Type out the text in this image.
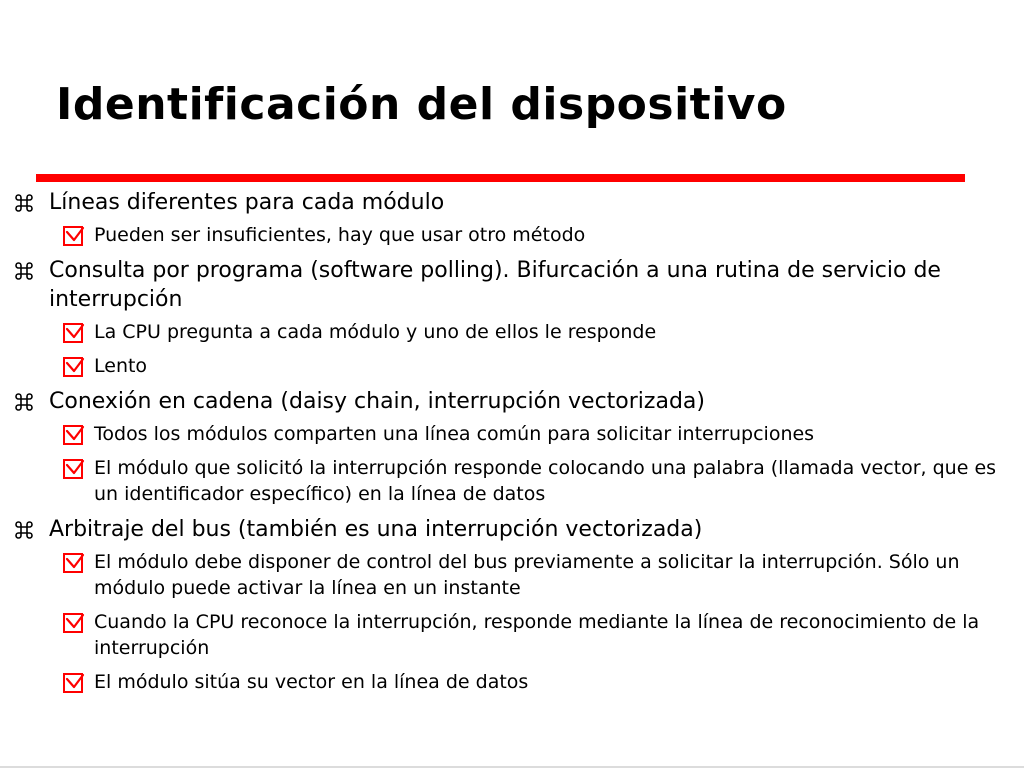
Identificación del dispositivo
Líneas diferentes para cada módulo
Pueden ser insuficientes, hay que usar otro método
Consulta por programa (software polling). Bifurcación a una rutina de servicio de interrupción
La CPU pregunta a cada módulo y uno de ellos le responde
Lento
Conexión en cadena (daisy chain, interrupción vectorizada)
Todos los módulos comparten una línea común para solicitar interrupciones
El módulo que solicitó la interrupción responde colocando una palabra (llamada vector, que es un identificador específico) en la línea de datos
Arbitraje del bus (también es una interrupción vectorizada)
El módulo debe disponer de control del bus previamente a solicitar la interrupción. Sólo un módulo puede activar la línea en un instante
Cuando la CPU reconoce la interrupción, responde mediante la línea de reconocimiento de la interrupción
El módulo sitúa su vector en la línea de datos
